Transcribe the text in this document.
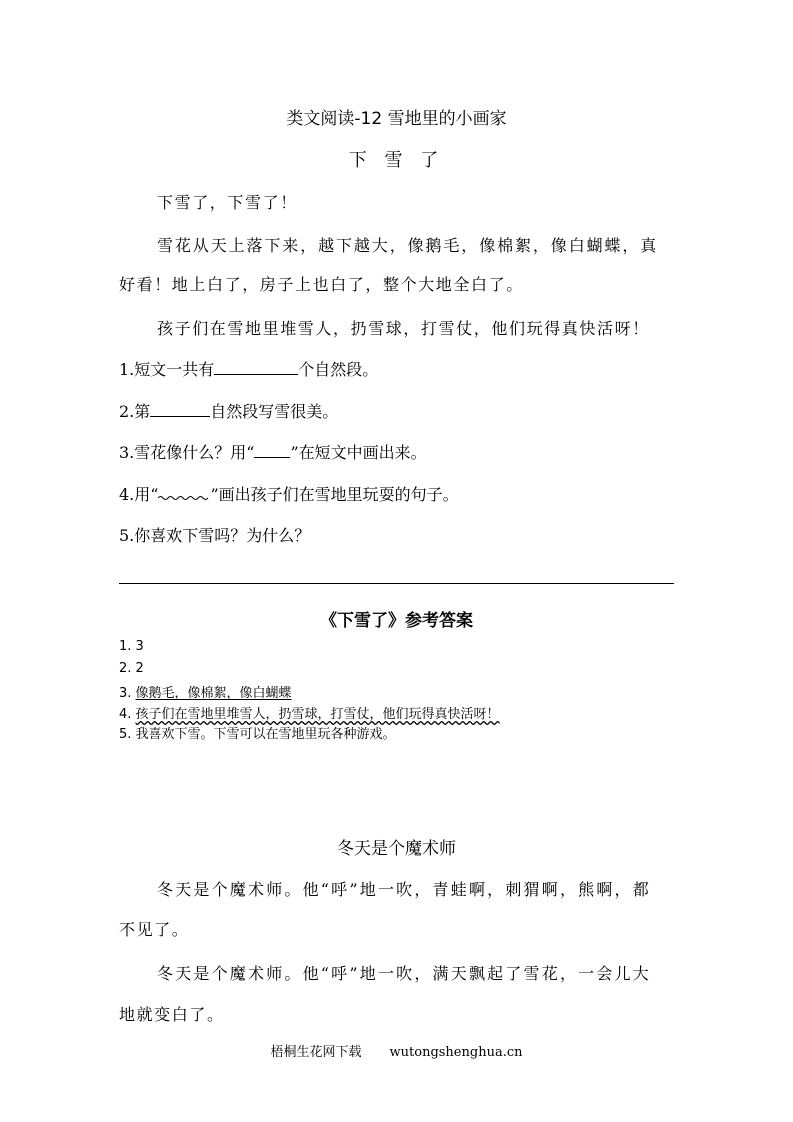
类文阅读-12 雪地里的小画家
下 雪 了
下雪了，下雪了！
雪花从天上落下来，越下越大，像鹅毛，像棉絮，像白蝴蝶，真
好看！地上白了，房子上也白了，整个大地全白了。
孩子们在雪地里堆雪人，扔雪球，打雪仗，他们玩得真快活呀！
1.短文一共有	个自然段。
2.第	自然段写雪很美。
3.雪花像什么？用“ ”在短文中画出来。
4.用“	”画出孩子们在雪地里玩耍的句子。
5.你喜欢下雪吗？为什么？
《下雪了》参考答案
1. 3
2. 2
3. 像鹅毛，像棉絮，像白蝴蝶
4. 孩子们在雪地里堆雪人，扔雪球，打雪仗，他们玩得真快活呀！
5. 我喜欢下雪。下雪可以在雪地里玩各种游戏。
冬天是个魔术师
冬天是个魔术师。他“呼”地一吹，青蛙啊，刺猬啊，熊啊，都
不见了。
冬天是个魔术师。他“呼”地一吹，满天飘起了雪花，一会儿大
地就变白了。
梧桐生花网下载 wutongshenghua.cn
